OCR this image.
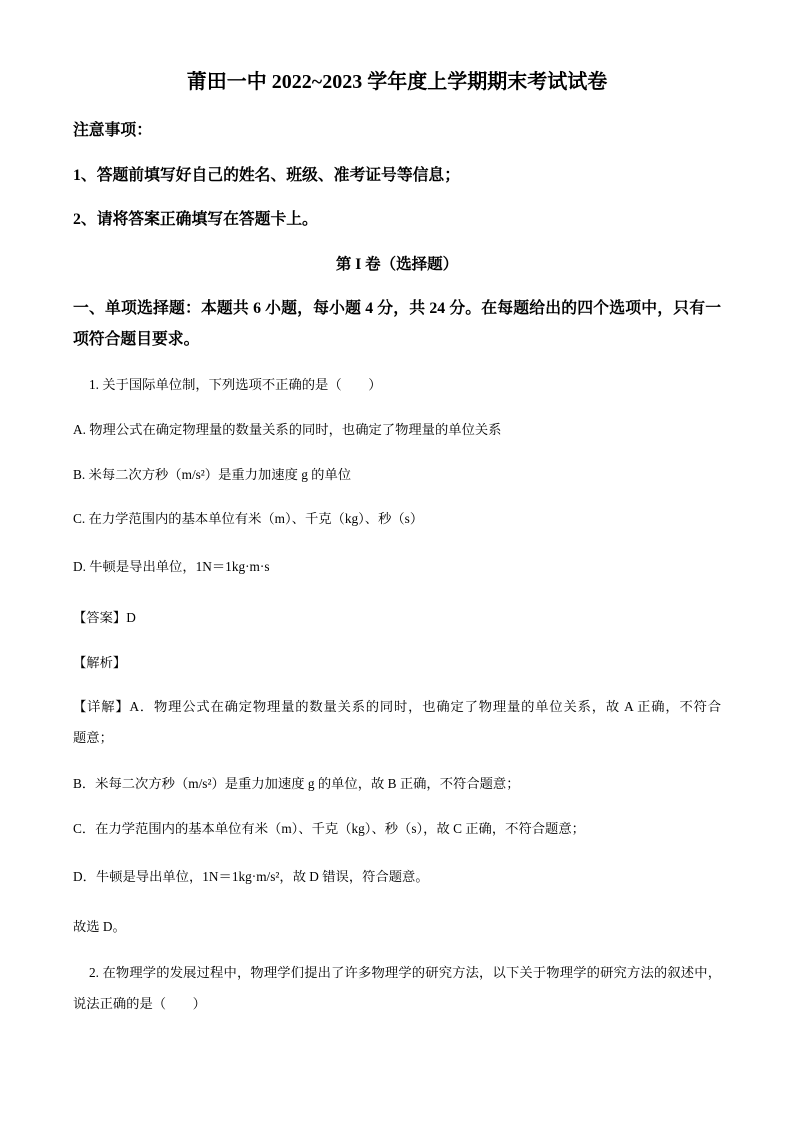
莆田一中 2022~2023 学年度上学期期末考试试卷
注意事项：
1、答题前填写好自己的姓名、班级、准考证号等信息；
2、请将答案正确填写在答题卡上。
第 I 卷（选择题）
一、单项选择题：本题共 6 小题，每小题 4 分，共 24 分。在每题给出的四个选项中，只有一
项符合题目要求。
1. 关于国际单位制，下列选项不正确的是（　　）
A. 物理公式在确定物理量的数量关系的同时，也确定了物理量的单位关系
B. 米每二次方秒（m/s²）是重力加速度 g 的单位
C. 在力学范围内的基本单位有米（m）、千克（kg）、秒（s）
D. 牛顿是导出单位，1N＝1kg·m·s
【答案】D
【解析】
【详解】A．物理公式在确定物理量的数量关系的同时，也确定了物理量的单位关系，故 A 正确，不符合
题意；
B．米每二次方秒（m/s²）是重力加速度 g 的单位，故 B 正确，不符合题意；
C．在力学范围内的基本单位有米（m）、千克（kg）、秒（s），故 C 正确，不符合题意；
D．牛顿是导出单位，1N＝1kg·m/s²，故 D 错误，符合题意。
故选 D。
2. 在物理学的发展过程中，物理学们提出了许多物理学的研究方法，以下关于物理学的研究方法的叙述中，
说法正确的是（　　）
